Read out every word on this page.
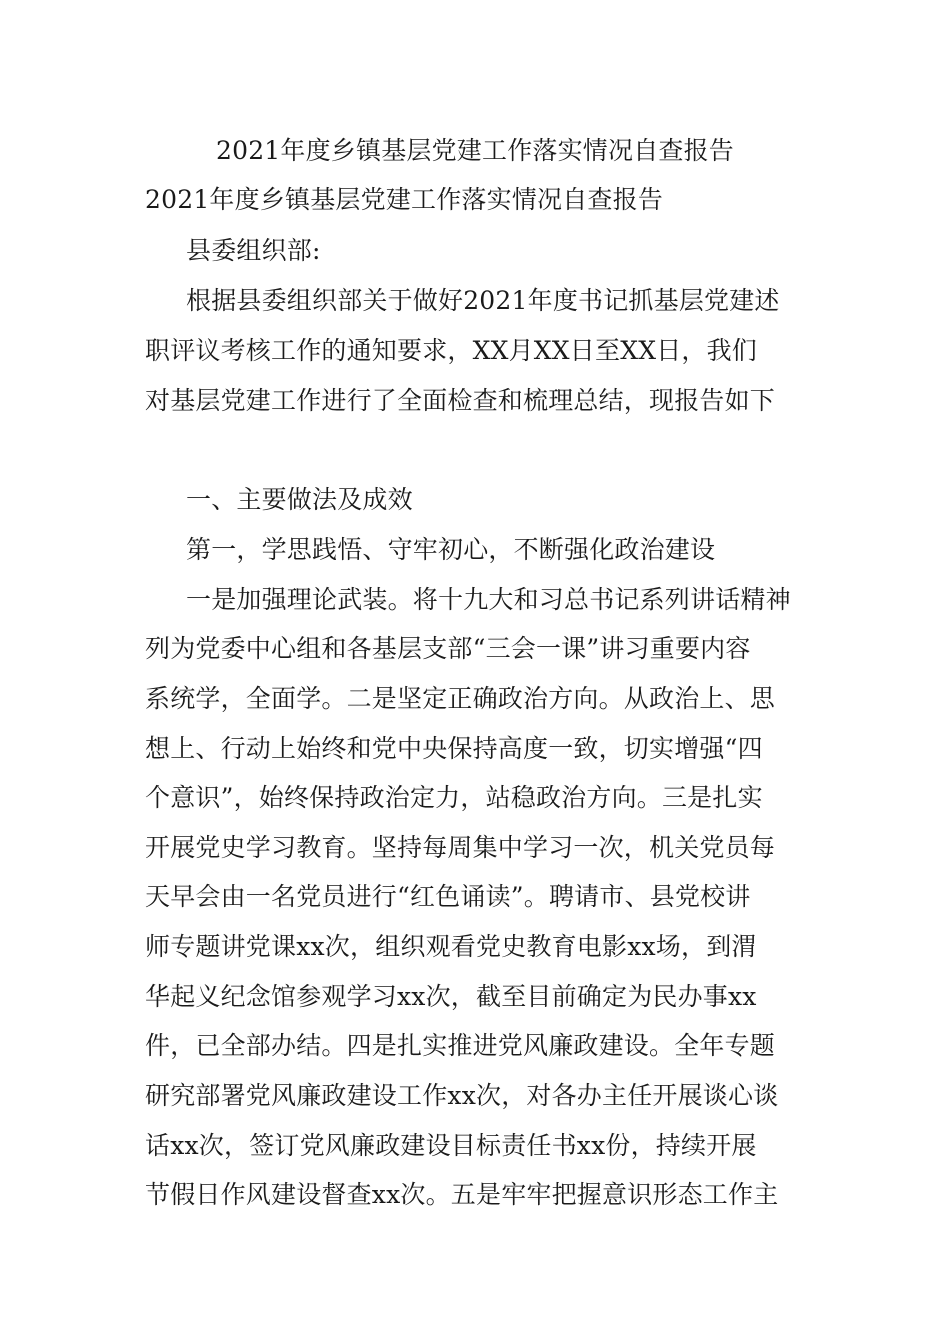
2021年度乡镇基层党建工作落实情况自查报告
2021年度乡镇基层党建工作落实情况自查报告
县委组织部:
根据县委组织部关于做好2021年度书记抓基层党建述
职评议考核工作的通知要求，XX月XX日至XX日，我们
对基层党建工作进行了全面检查和梳理总结，现报告如下
一、主要做法及成效
第一，学思践悟、守牢初心，不断强化政治建设
一是加强理论武装。将十九大和习总书记系列讲话精神
列为党委中心组和各基层支部“三会一课”讲习重要内容
系统学，全面学。二是坚定正确政治方向。从政治上、思
想上、行动上始终和党中央保持高度一致，切实增强“四
个意识”，始终保持政治定力，站稳政治方向。三是扎实
开展党史学习教育。坚持每周集中学习一次，机关党员每
天早会由一名党员进行“红色诵读”。聘请市、县党校讲
师专题讲党课xx次，组织观看党史教育电影xx场，到渭
华起义纪念馆参观学习xx次，截至目前确定为民办事xx
件，已全部办结。四是扎实推进党风廉政建设。全年专题
研究部署党风廉政建设工作xx次，对各办主任开展谈心谈
话xx次，签订党风廉政建设目标责任书xx份，持续开展
节假日作风建设督查xx次。五是牢牢把握意识形态工作主
